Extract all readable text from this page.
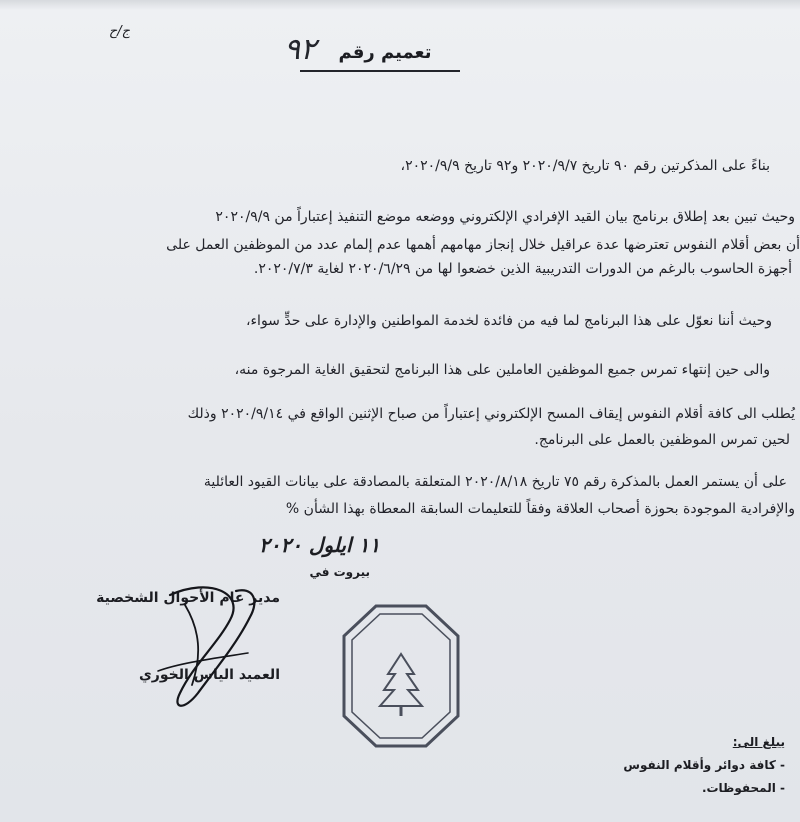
ج/ح
تعميم رقم
٩٢
بناءً على المذكرتين رقم ٩٠ تاريخ ٢٠٢٠/٩/٧ و٩٢ تاريخ ٢٠٢٠/٩/٩،
وحيث تبين بعد إطلاق برنامج بيان القيد الإفرادي الإلكتروني ووضعه موضع التنفيذ إعتباراً من ٢٠٢٠/٩/٩
أن بعض أقلام النفوس تعترضها عدة عراقيل خلال إنجاز مهامهم أهمها عدم إلمام عدد من الموظفين العمل على
أجهزة الحاسوب بالرغم من الدورات التدريبية الذين خضعوا لها من ٢٠٢٠/٦/٢٩ لغاية ٢٠٢٠/٧/٣.
وحيث أننا نعوّل على هذا البرنامج لما فيه من فائدة لخدمة المواطنين والإدارة على حدٍّ سواء،
والى حين إنتهاء تمرس جميع الموظفين العاملين على هذا البرنامج لتحقيق الغاية المرجوة منه،
يُطلب الى كافة أقلام النفوس إيقاف المسح الإلكتروني إعتباراً من صباح الإثنين الواقع في ٢٠٢٠/٩/١٤ وذلك
لحين تمرس الموظفين بالعمل على البرنامج.
على أن يستمر العمل بالمذكرة رقم ٧٥ تاريخ ٢٠٢٠/٨/١٨ المتعلقة بالمصادقة على بيانات القيود العائلية
والإفرادية الموجودة بحوزة أصحاب العلاقة وفقاً للتعليمات السابقة المعطاة بهذا الشأن %
١١ ايلول ٢٠٢٠
بيروت في
مدير عام الأحوال الشخصية
العميد الياس الخوري
يبلغ الى:
- كافة دوائر وأقلام النفوس
- المحفوظات.
